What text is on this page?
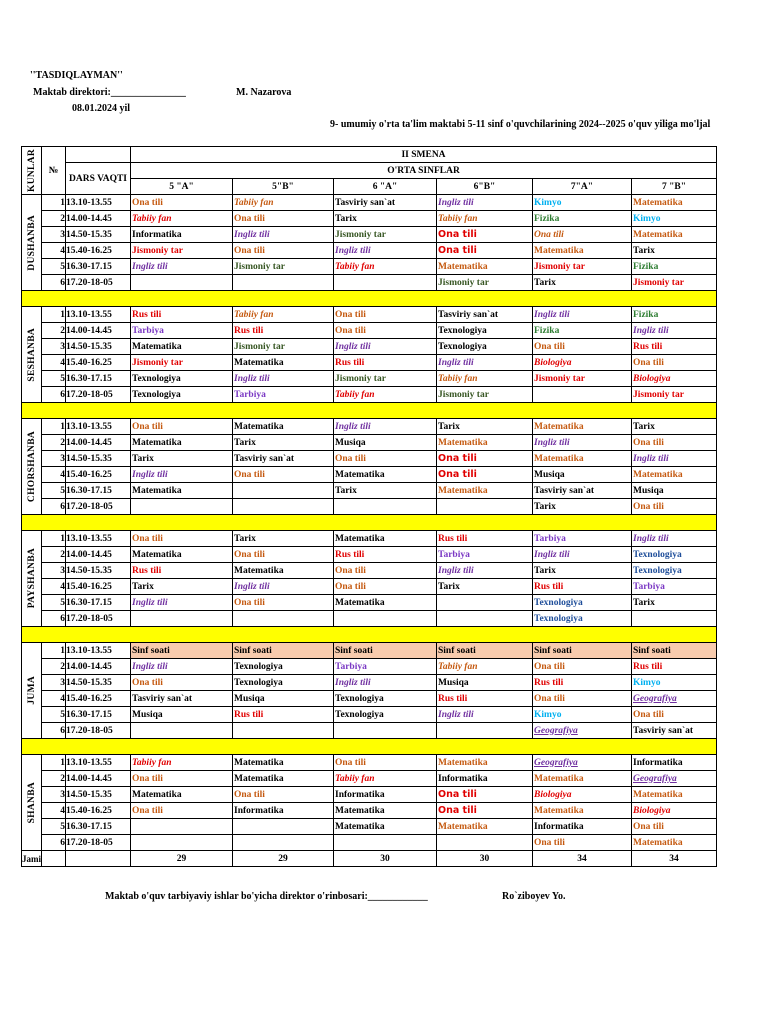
''TASDIQLAYMAN''
Maktab direktori:_______________	M. Nazarova
08.01.2024 yil
9- umumiy o'rta ta'lim maktabi 5-11 sinf o'quvchilarining 2024--2025 o'quv yiliga mo'ljal
KUNLAR	№		II SMENA					
		DARS VAQTI	O'RTA SINFLAR					
			5 "A"	5"B"	6 "A"	6"B"	7"A"	7 "B"

DUSHANBA	1	13.10-13.55	Ona tili	Tabiiy fan	Tasviriy san`at	Ingliz tili	Kimyo	Matematika
	2	14.00-14.45	Tabiiy fan	Ona tili	Tarix	Tabiiy fan	Fizika	Kimyo
	3	14.50-15.35	Informatika	Ingliz tili	Jismoniy tar	Ona tili	Ona tili	Matematika
	4	15.40-16.25	Jismoniy tar	Ona tili	Ingliz tili	Ona tili	Matematika	Tarix
	5	16.30-17.15	Ingliz tili	Jismoniy tar	Tabiiy fan	Matematika	Jismoniy tar	Fizika
	6	17.20-18-05				Jismoniy tar	Tarix	Jismoniy tar

SESHANBA	1	13.10-13.55	Rus tili	Tabiiy fan	Ona tili	Tasviriy san`at	Ingliz tili	Fizika
	2	14.00-14.45	Tarbiya	Rus tili	Ona tili	Texnologiya	Fizika	Ingliz tili
	3	14.50-15.35	Matematika	Jismoniy tar	Ingliz tili	Texnologiya	Ona tili	Rus tili
	4	15.40-16.25	Jismoniy tar	Matematika	Rus tili	Ingliz tili	Biologiya	Ona tili
	5	16.30-17.15	Texnologiya	Ingliz tili	Jismoniy tar	Tabiiy fan	Jismoniy tar	Biologiya
	6	17.20-18-05	Texnologiya	Tarbiya	Tabiiy fan	Jismoniy tar		Jismoniy tar

CHORSHANBA	1	13.10-13.55	Ona tili	Matematika	Ingliz tili	Tarix	Matematika	Tarix
	2	14.00-14.45	Matematika	Tarix	Musiqa	Matematika	Ingliz tili	Ona tili
	3	14.50-15.35	Tarix	Tasviriy san`at	Ona tili	Ona tili	Matematika	Ingliz tili
	4	15.40-16.25	Ingliz tili	Ona tili	Matematika	Ona tili	Musiqa	Matematika
	5	16.30-17.15	Matematika		Tarix	Matematika	Tasviriy san`at	Musiqa
	6	17.20-18-05					Tarix	Ona tili

PAYSHANBA	1	13.10-13.55	Ona tili	Tarix	Matematika	Rus tili	Tarbiya	Ingliz tili
	2	14.00-14.45	Matematika	Ona tili	Rus tili	Tarbiya	Ingliz tili	Texnologiya
	3	14.50-15.35	Rus tili	Matematika	Ona tili	Ingliz tili	Tarix	Texnologiya
	4	15.40-16.25	Tarix	Ingliz tili	Ona tili	Tarix	Rus tili	Tarbiya
	5	16.30-17.15	Ingliz tili	Ona tili	Matematika		Texnologiya	Tarix
	6	17.20-18-05					Texnologiya	

JUMA	1	13.10-13.55	Sinf soati	Sinf soati	Sinf soati	Sinf soati	Sinf soati	Sinf soati
	2	14.00-14.45	Ingliz tili	Texnologiya	Tarbiya	Tabiiy fan	Ona tili	Rus tili
	3	14.50-15.35	Ona tili	Texnologiya	Ingliz tili	Musiqa	Rus tili	Kimyo
	4	15.40-16.25	Tasviriy san`at	Musiqa	Texnologiya	Rus tili	Ona tili	Geografiya
	5	16.30-17.15	Musiqa	Rus tili	Texnologiya	Ingliz tili	Kimyo	Ona tili
	6	17.20-18-05					Geografiya	Tasviriy san`at

SHANBA	1	13.10-13.55	Tabiiy fan	Matematika	Ona tili	Matematika	Geografiya	Informatika
	2	14.00-14.45	Ona tili	Matematika	Tabiiy fan	Informatika	Matematika	Geografiya
	3	14.50-15.35	Matematika	Ona tili	Informatika	Ona tili	Biologiya	Matematika
	4	15.40-16.25	Ona tili	Informatika	Matematika	Ona tili	Matematika	Biologiya
	5	16.30-17.15			Matematika	Matematika	Informatika	Ona tili
	6	17.20-18-05					Ona tili	Matematika
Jami			29	29	30	30	34	34
Maktab o'quv tarbiyaviy ishlar bo'yicha direktor o'rinbosari:____________	Ro`ziboyev Yo.
